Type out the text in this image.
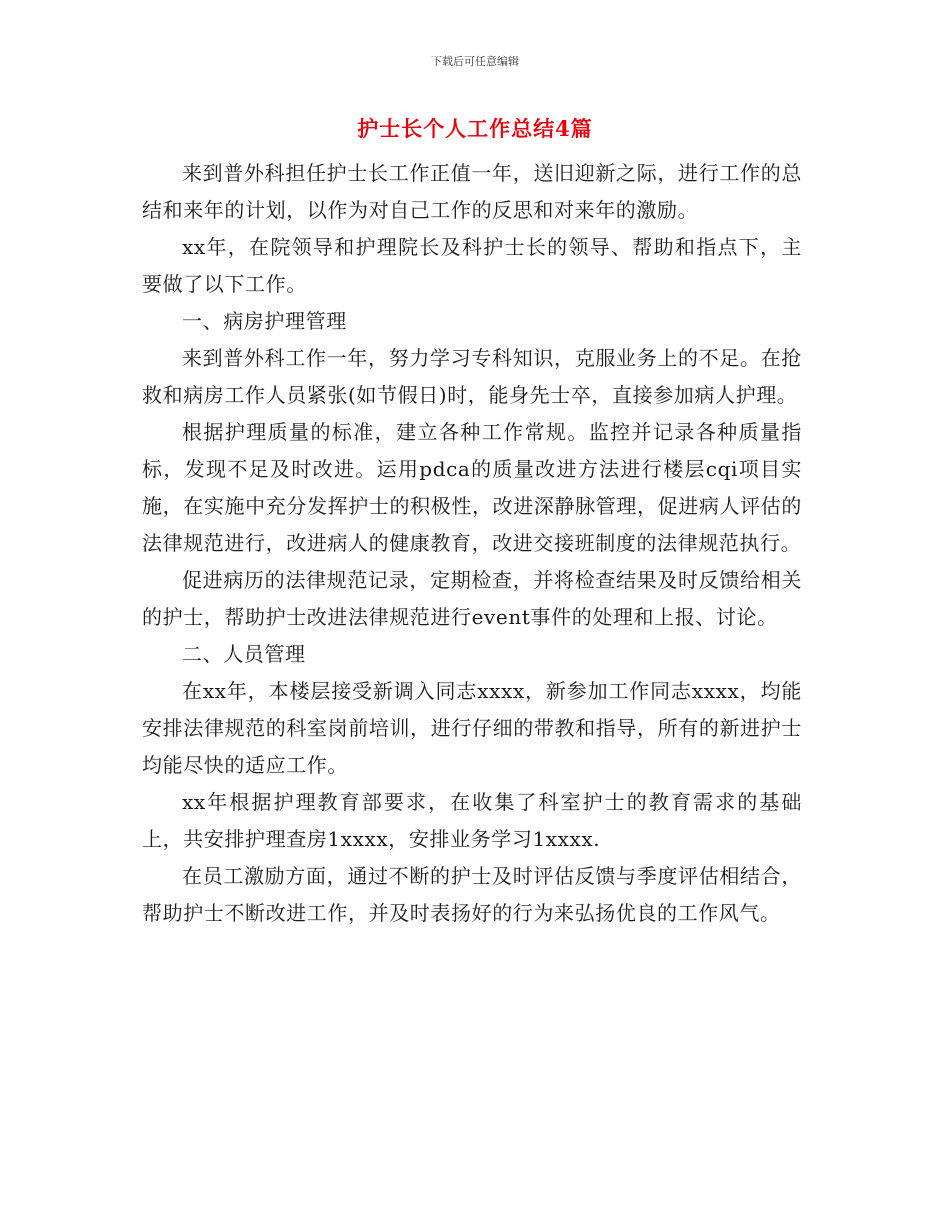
下载后可任意编辑
护士长个人工作总结4篇

来到普外科担任护士长工作正值一年，送旧迎新之际，进行工作的总结和来年的计划，以作为对自己工作的反思和对来年的激励。

xx年，在院领导和护理院长及科护士长的领导、帮助和指点下，主要做了以下工作。

一、病房护理管理

来到普外科工作一年，努力学习专科知识，克服业务上的不足。在抢救和病房工作人员紧张(如节假日)时，能身先士卒，直接参加病人护理。

根据护理质量的标准，建立各种工作常规。监控并记录各种质量指标，发现不足及时改进。运用pdca的质量改进方法进行楼层cqi项目实施，在实施中充分发挥护士的积极性，改进深静脉管理，促进病人评估的法律规范进行，改进病人的健康教育，改进交接班制度的法律规范执行。

促进病历的法律规范记录，定期检查，并将检查结果及时反馈给相关的护士，帮助护士改进法律规范进行event事件的处理和上报、讨论。

二、人员管理

在xx年，本楼层接受新调入同志xxxx，新参加工作同志xxxx，均能安排法律规范的科室岗前培训，进行仔细的带教和指导，所有的新进护士均能尽快的适应工作。

xx年根据护理教育部要求，在收集了科室护士的教育需求的基础上，共安排护理查房1xxxx，安排业务学习1xxxx.

在员工激励方面，通过不断的护士及时评估反馈与季度评估相结合，帮助护士不断改进工作，并及时表扬好的行为来弘扬优良的工作风气。
